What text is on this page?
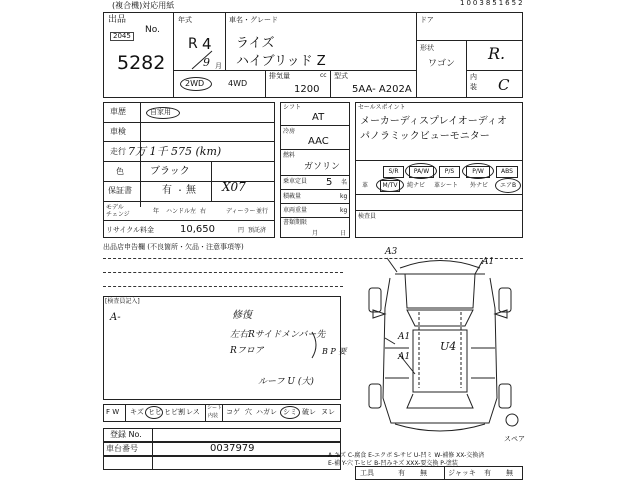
(複合機)対応用紙	1003851652
出品
No.
2045
5282
年式
R 4
9 月
車名・グレード
ライズ
ハイブリッド Z
ドア
形状
ワゴン
R.
内
装 C
2WD	4WD
排気量	cc
1200
型式
5AA- A202A
車歴	自家用
車検
走行 7万 1千 575 (km)
色	ブラック
X07
保証書	有 ・ 無
モデル
チェンジ	年 ハンドル 左 右	ディーラー 並行
リサイクル料金	10,650	円 預託済
シフト
AT
冷房
AAC
燃料
ガソリン
乗車定員 5 名
積載量	kg
車両重量	kg
書類期限
月	日
セールスポイント
メーカーディスプレイオーディオ
パノラミックビューモニター
S/R	PA/W	P/S	P/W	ABS
革	M/TV	純ナビ 革シート 外ナビ エアB
検査員
出品店申告欄 (不良箇所・欠品・注意事項等)
[検査員記入]
A-	修復
左右Rサイドメンバー先
Rフロア	B P 要
ルーフ U (大)
A3
A1
A1
U4
A1
スペア
F W キズ ヒビ ヒビ割 レス シート
内装 コゲ 穴 ハガレ シミ 破レ ヌレ
登録 No.
車台番号	0037979
A-キズ C-腐食 E-エクボ S-サビ U-凹ミ W-補修 XX-交換済
E-補 Y-穴 T-ヒビ B-凹みキズ XXX-要交換 P-塗装
工具	有 無	ジャッキ 有 無
